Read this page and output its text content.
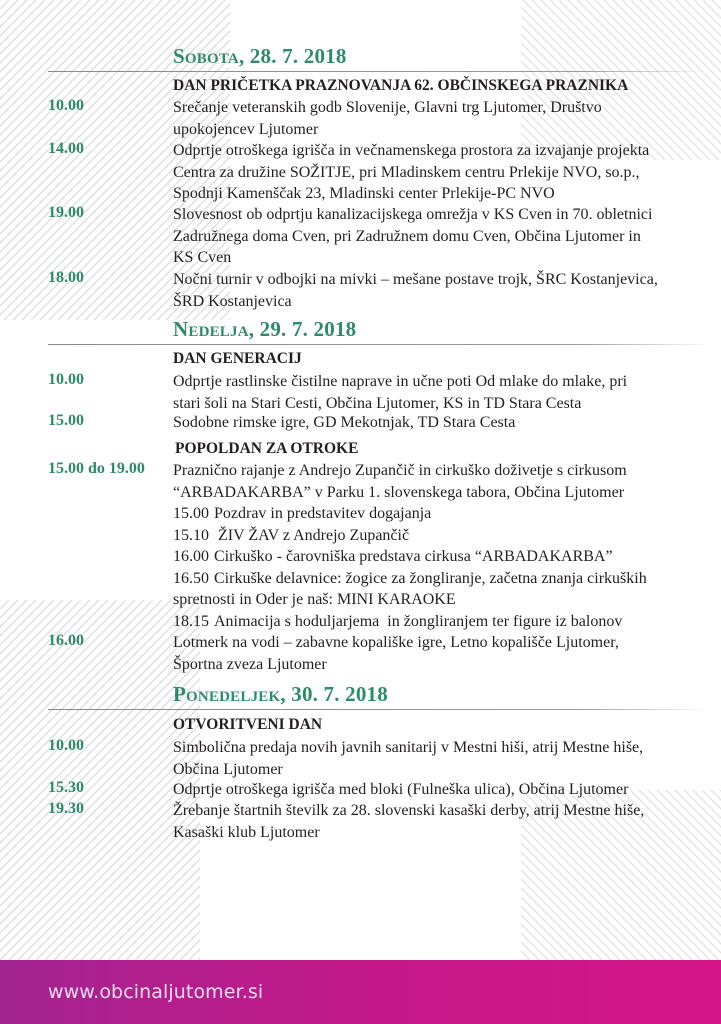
Sobota, 28. 7. 2018
DAN PRIČETKA PRAZNOVANJA 62. OBČINSKEGA PRAZNIKA
10.00	Srečanje veteranskih godb Slovenije, Glavni trg Ljutomer, Društvo
upokojencev Ljutomer
14.00	Odprtje otroškega igrišča in večnamenskega prostora za izvajanje projekta
Centra za družine SOŽITJE, pri Mladinskem centru Prlekije NVO, so.p.,
Spodnji Kamenščak 23, Mladinski center Prlekije-PC NVO
19.00	Slovesnost ob odprtju kanalizacijskega omrežja v KS Cven in 70. obletnici
Zadružnega doma Cven, pri Zadružnem domu Cven, Občina Ljutomer in
KS Cven
18.00	Nočni turnir v odbojki na mivki – mešane postave trojk, ŠRC Kostanjevica,
ŠRD Kostanjevica
Nedelja, 29. 7. 2018
DAN GENERACIJ
10.00	Odprtje rastlinske čistilne naprave in učne poti Od mlake do mlake, pri
stari šoli na Stari Cesti, Občina Ljutomer, KS in TD Stara Cesta
15.00	Sodobne rimske igre, GD Mekotnjak, TD Stara Cesta
POPOLDAN ZA OTROKE
15.00 do 19.00 Praznično rajanje z Andrejo Zupančič in cirkuško doživetje s cirkusom
“ARBADAKARBA” v Parku 1. slovenskega tabora, Občina Ljutomer
15.00 Pozdrav in predstavitev dogajanja
15.10 ŽIV ŽAV z Andrejo Zupančič
16.00 Cirkuško - čarovniška predstava cirkusa “ARBADAKARBA”
16.50 Cirkuške delavnice: žogice za žongliranje, začetna znanja cirkuških
spretnosti in Oder je naš: MINI KARAOKE
18.15 Animacija s hoduljarjema  in žongliranjem ter figure iz balonov
16.00	Lotmerk na vodi – zabavne kopališke igre, Letno kopališče Ljutomer,
Športna zveza Ljutomer
Ponedeljek, 30. 7. 2018
OTVORITVENI DAN
10.00	Simbolična predaja novih javnih sanitarij v Mestni hiši, atrij Mestne hiše,
Občina Ljutomer
15.30	Odprtje otroškega igrišča med bloki (Fulneška ulica), Občina Ljutomer
19.30	Žrebanje štartnih številk za 28. slovenski kasaški derby, atrij Mestne hiše,
Kasaški klub Ljutomer
www.obcinaljutomer.si
